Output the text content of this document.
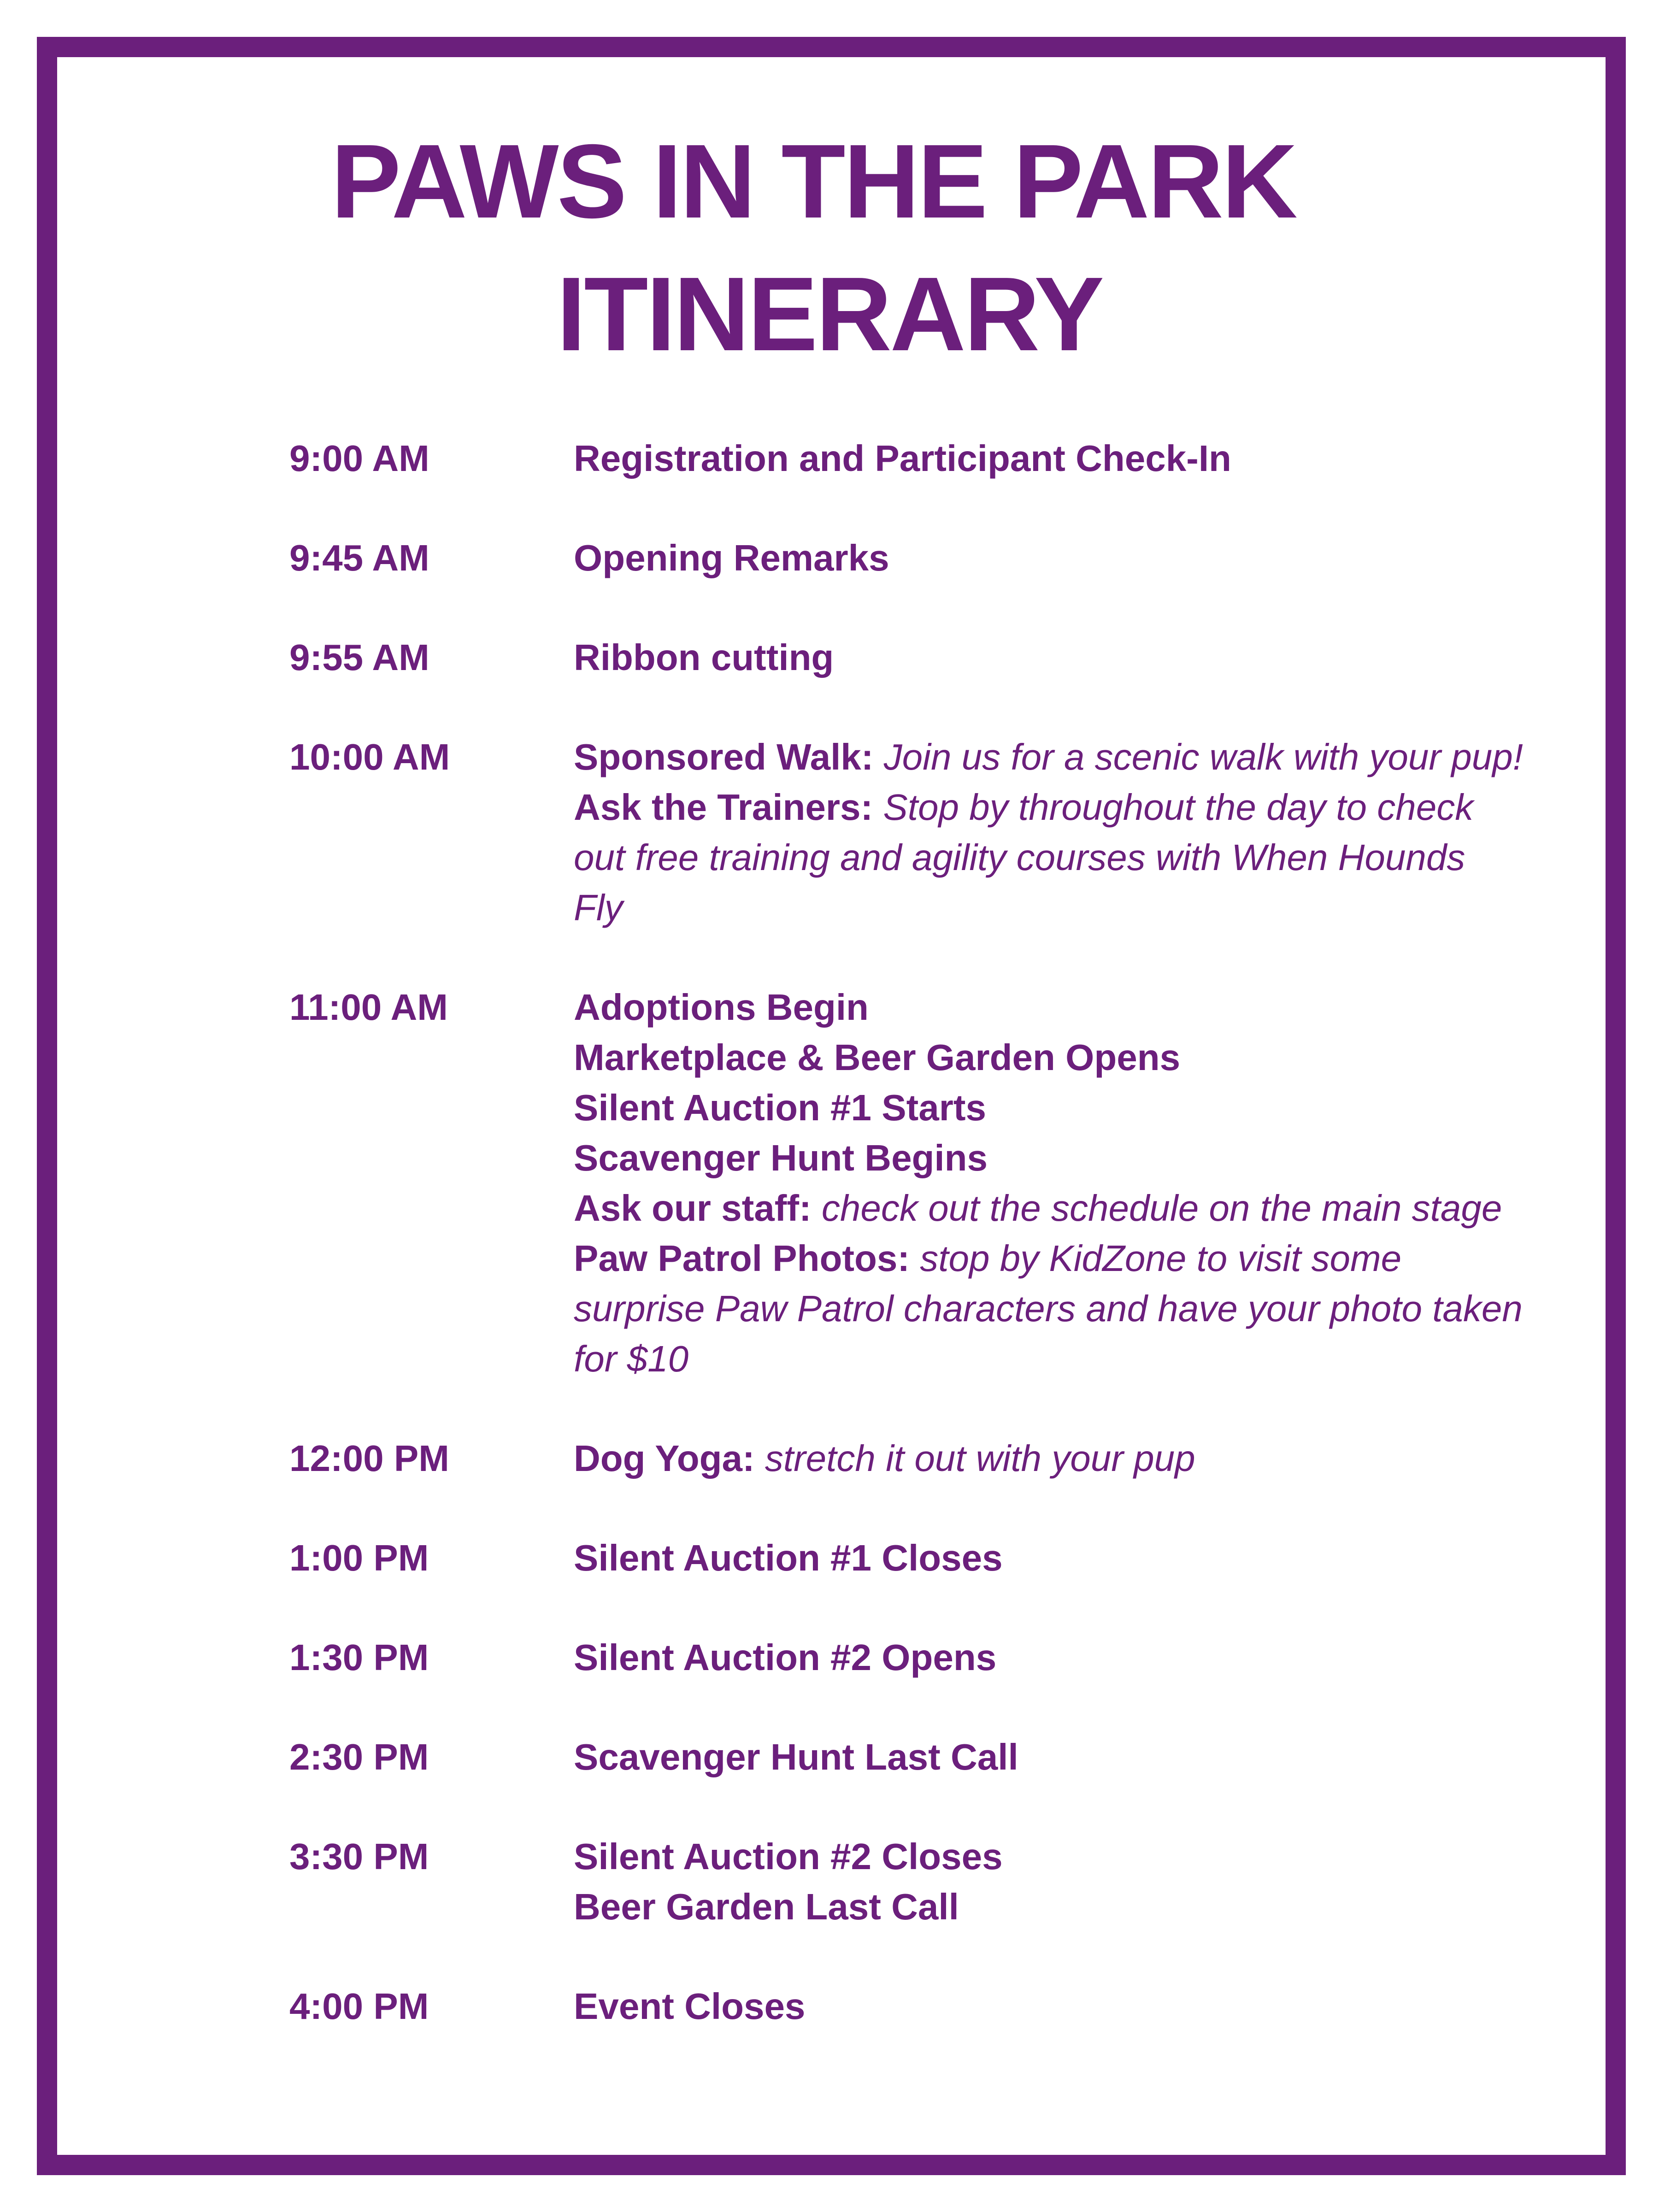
PAWS IN THE PARK
ITINERARY
9:00 AM	Registration and Participant Check-In
9:45 AM	Opening Remarks
9:55 AM	Ribbon cutting
10:00 AM	Sponsored Walk: Join us for a scenic walk with your pup!
Ask the Trainers: Stop by throughout the day to check out free training and agility courses with When Hounds Fly
11:00 AM	Adoptions Begin
Marketplace & Beer Garden Opens
Silent Auction #1 Starts
Scavenger Hunt Begins
Ask our staff: check out the schedule on the main stage
Paw Patrol Photos: stop by KidZone to visit some surprise Paw Patrol characters and have your photo taken for $10
12:00 PM	Dog Yoga: stretch it out with your pup
1:00 PM	Silent Auction #1 Closes
1:30 PM	Silent Auction #2 Opens
2:30 PM	Scavenger Hunt Last Call
3:30 PM	Silent Auction #2 Closes
Beer Garden Last Call
4:00 PM	Event Closes
